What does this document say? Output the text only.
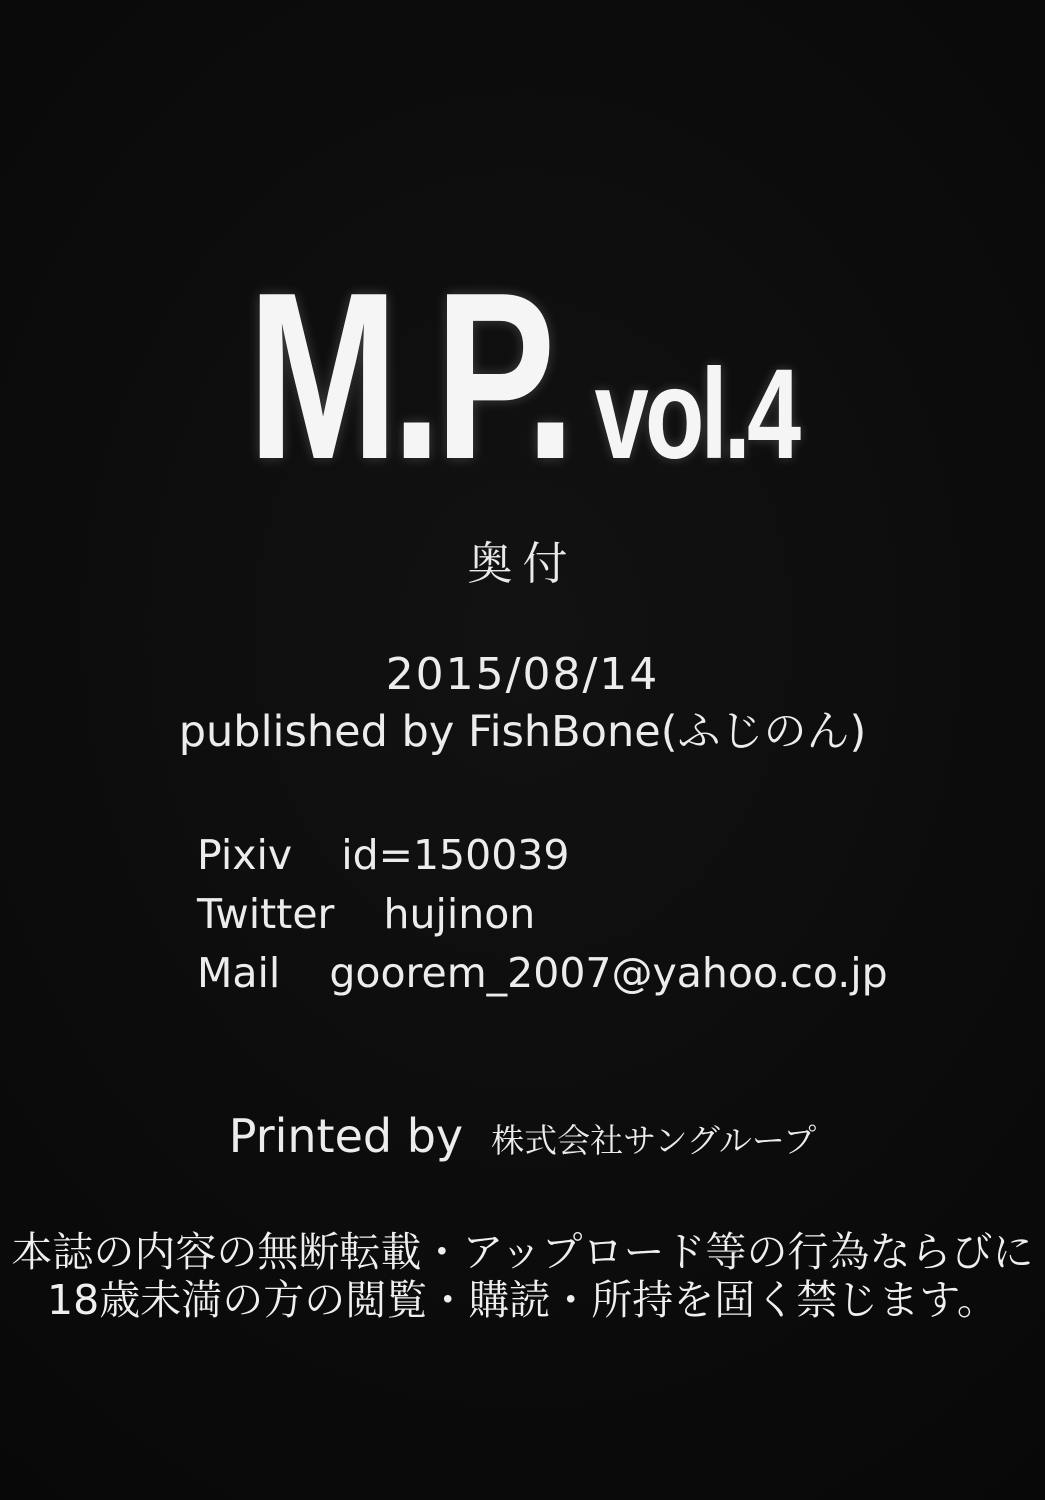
M.P. vol.4
奥付
2015/08/14
published by FishBone(ふじのん)
Pixiv id=150039
Twitter hujinon
Mail goorem_2007@yahoo.co.jp
Printed by 株式会社サングループ
本誌の内容の無断転載・アップロード等の行為ならびに
18歳未満の方の閲覧・購読・所持を固く禁じます。
